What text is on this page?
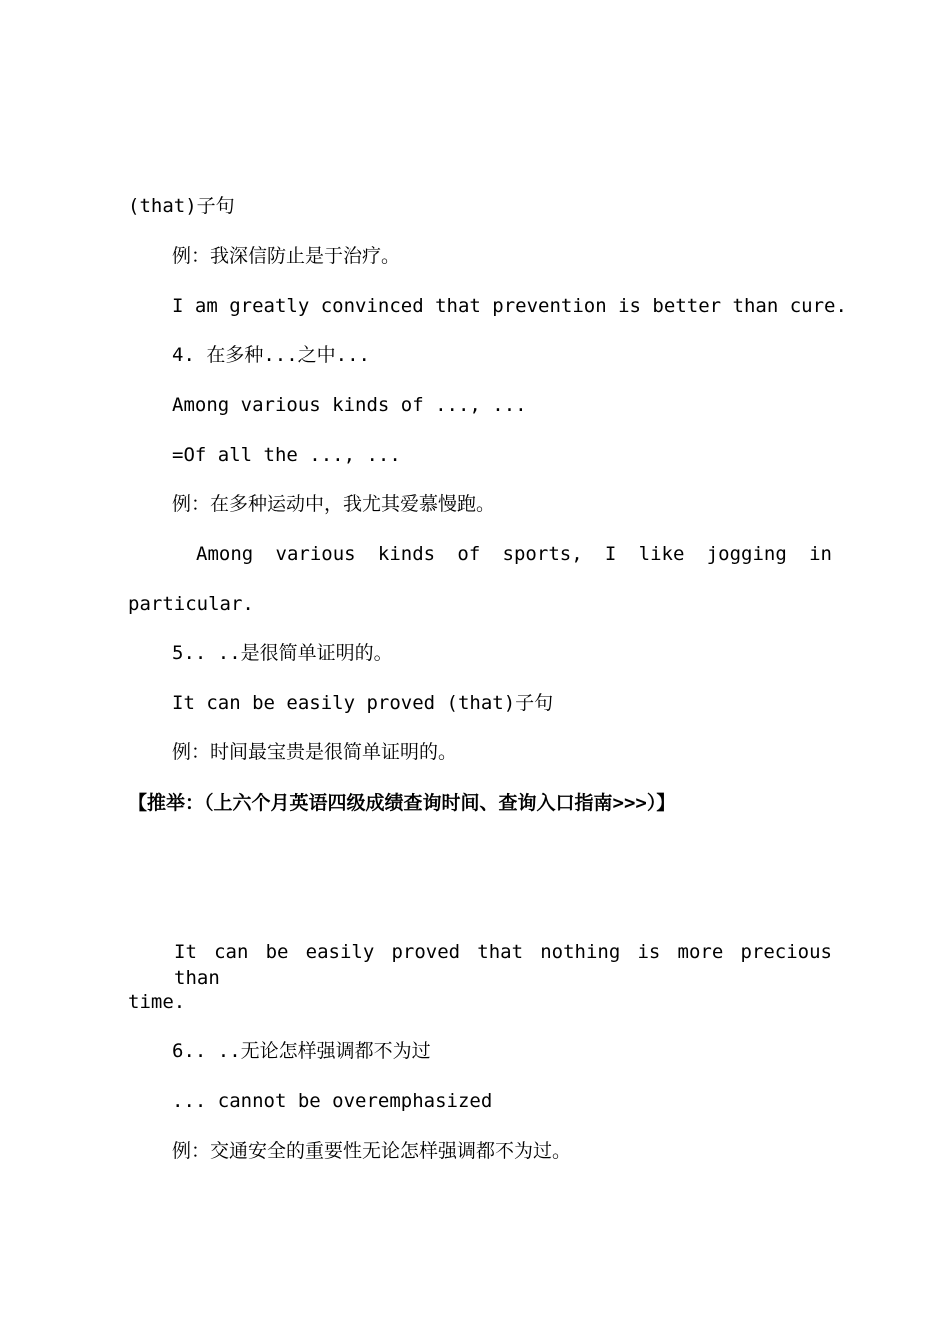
(that)子句
例：我深信防止是于治疗。
I am greatly convinced that prevention is better than cure.
4. 在多种...之中...
Among various kinds of ..., ...
=Of all the ..., ...
例：在多种运动中，我尤其爱慕慢跑。
Among various kinds of sports, I like jogging in
particular.
5.. ..是很简单证明的。
It can be easily proved (that)子句
例：时间最宝贵是很简单证明的。
【推举：（上六个月英语四级成绩查询时间、查询入口指南>>>）】
It can be easily proved that nothing is more precious than
time.
6.. ..无论怎样强调都不为过
... cannot be overemphasized
例：交通安全的重要性无论怎样强调都不为过。
